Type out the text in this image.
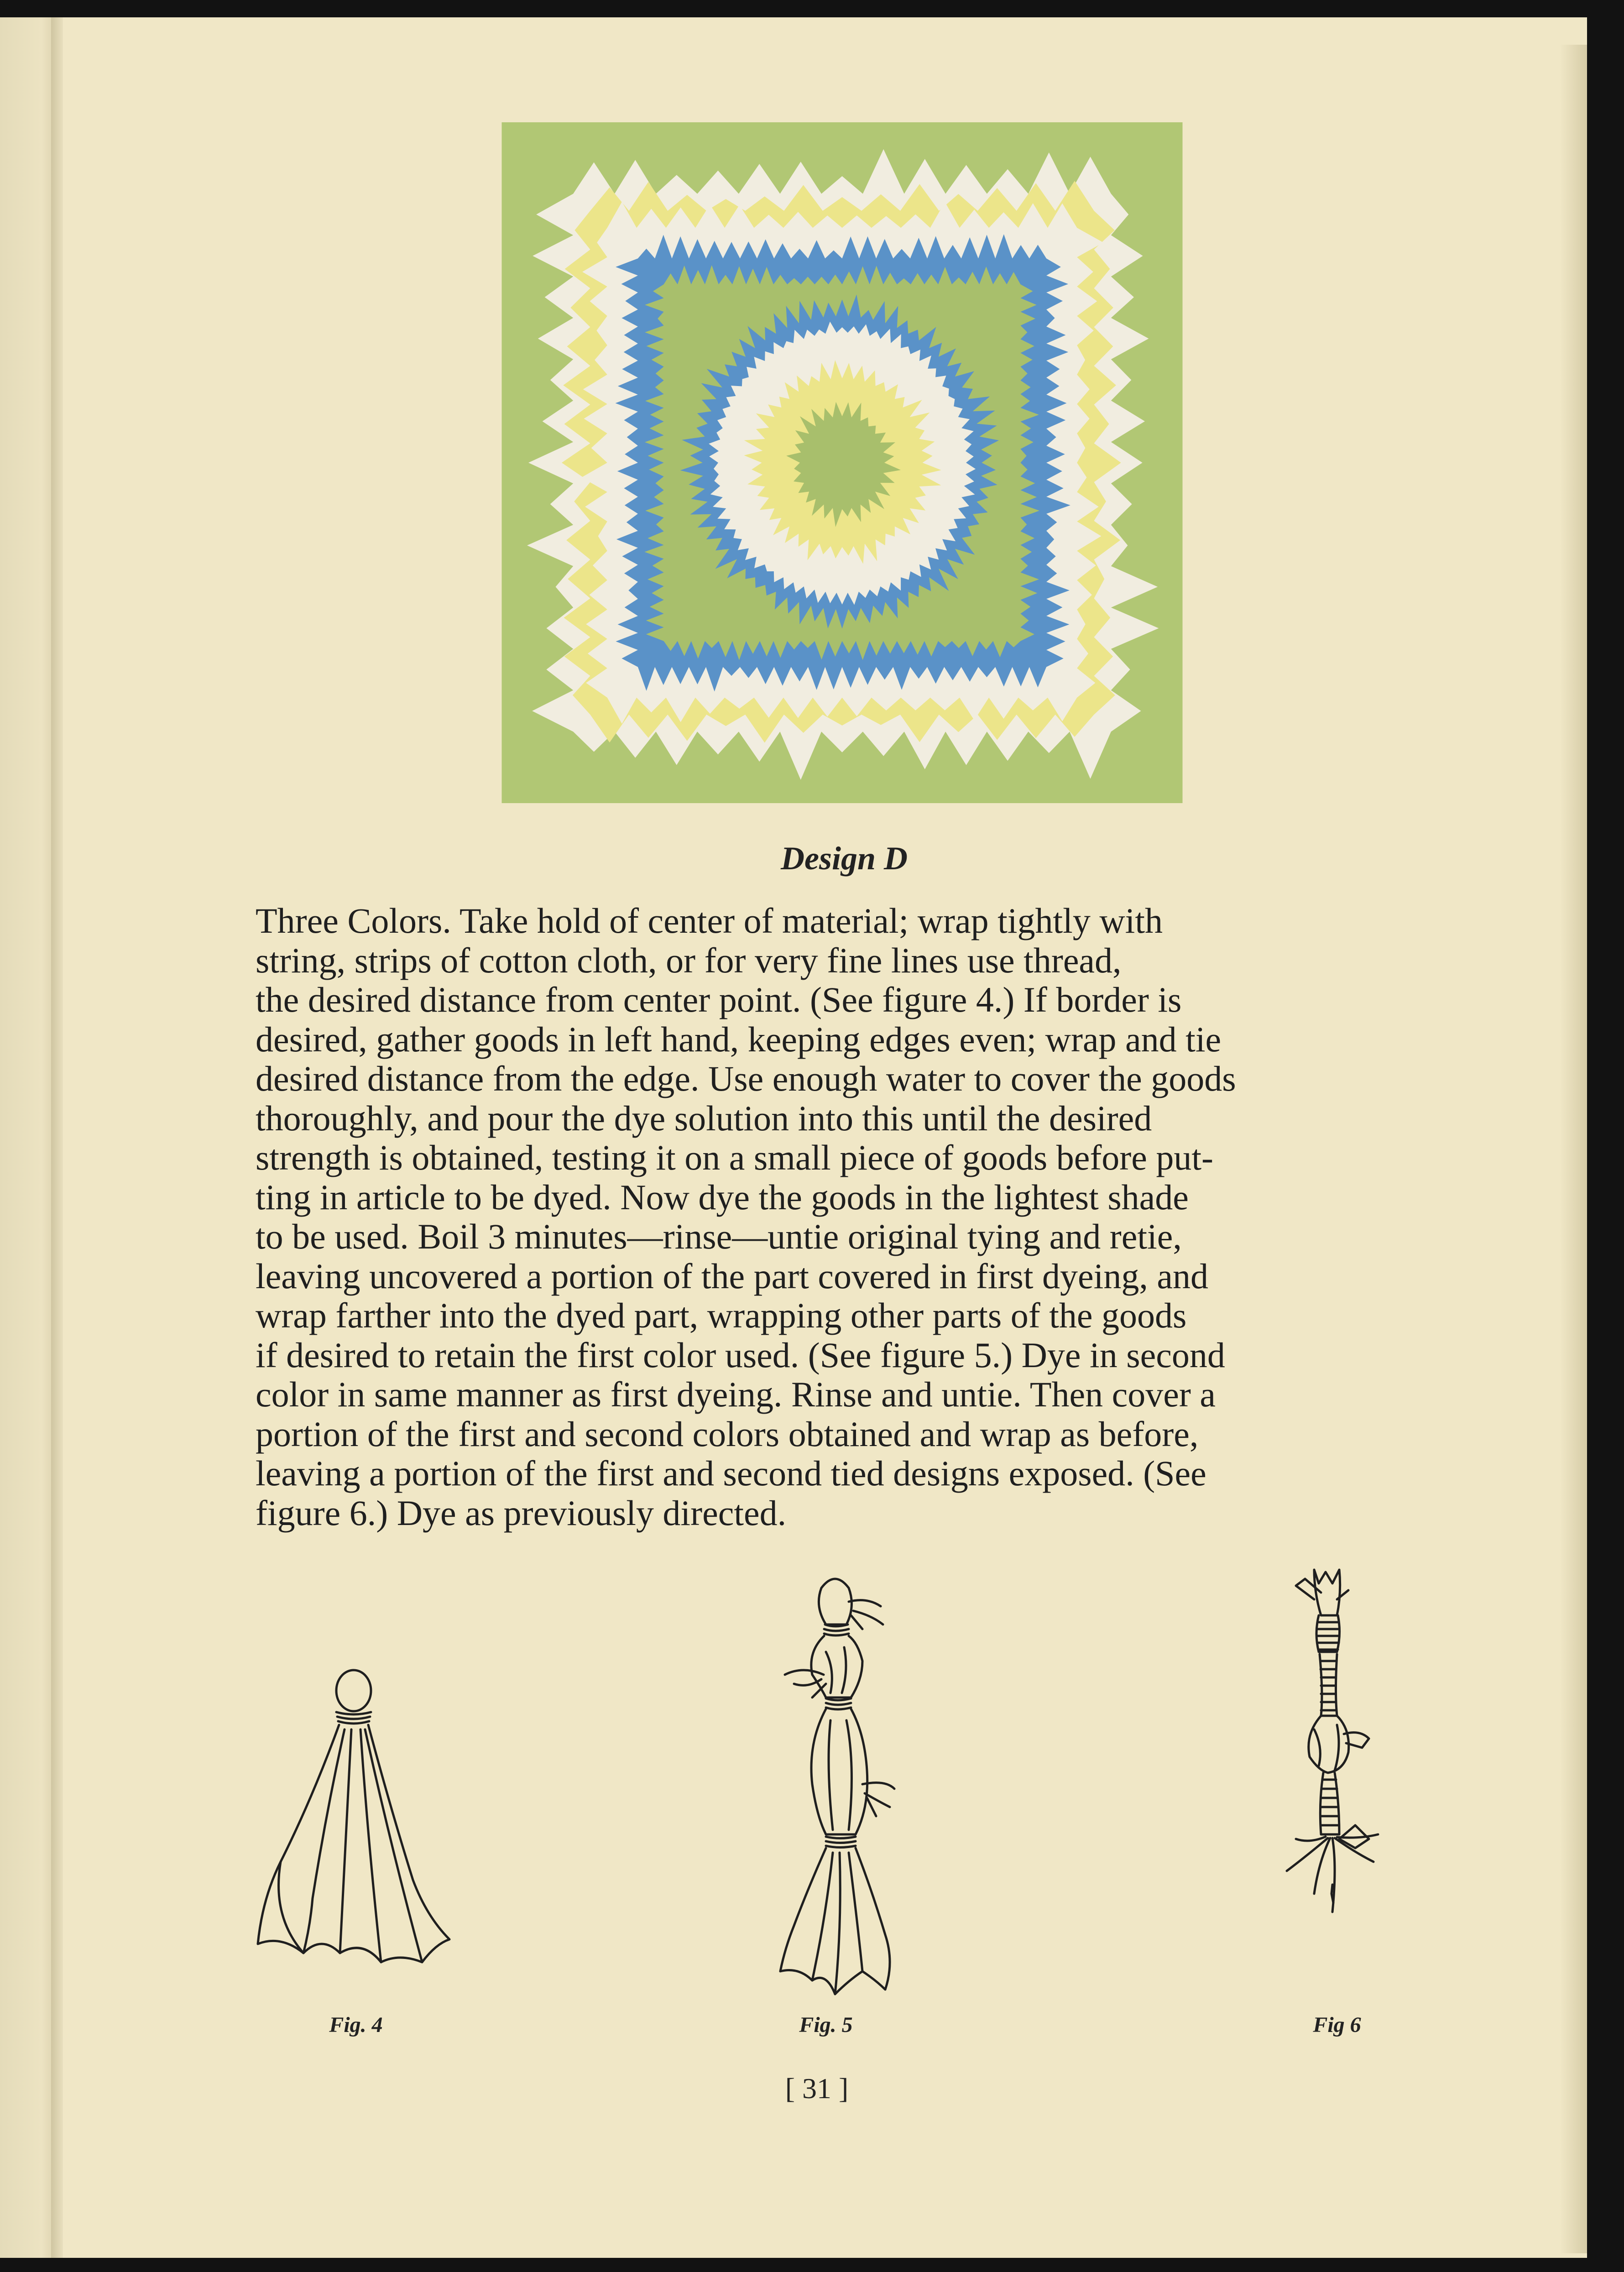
Design D
Three Colors. Take hold of center of material; wrap tightly with
string, strips of cotton cloth, or for very fine lines use thread,
the desired distance from center point. (See figure 4.) If border is
desired, gather goods in left hand, keeping edges even; wrap and tie
desired distance from the edge. Use enough water to cover the goods
thoroughly, and pour the dye solution into this until the desired
strength is obtained, testing it on a small piece of goods before put-
ting in article to be dyed. Now dye the goods in the lightest shade
to be used. Boil 3 minutes—rinse—untie original tying and retie,
leaving uncovered a portion of the part covered in first dyeing, and
wrap farther into the dyed part, wrapping other parts of the goods
if desired to retain the first color used. (See figure 5.) Dye in second
color in same manner as first dyeing. Rinse and untie. Then cover a
portion of the first and second colors obtained and wrap as before,
leaving a portion of the first and second tied designs exposed. (See
figure 6.) Dye as previously directed.
Fig. 4	Fig. 5	Fig 6
[ 31 ]
